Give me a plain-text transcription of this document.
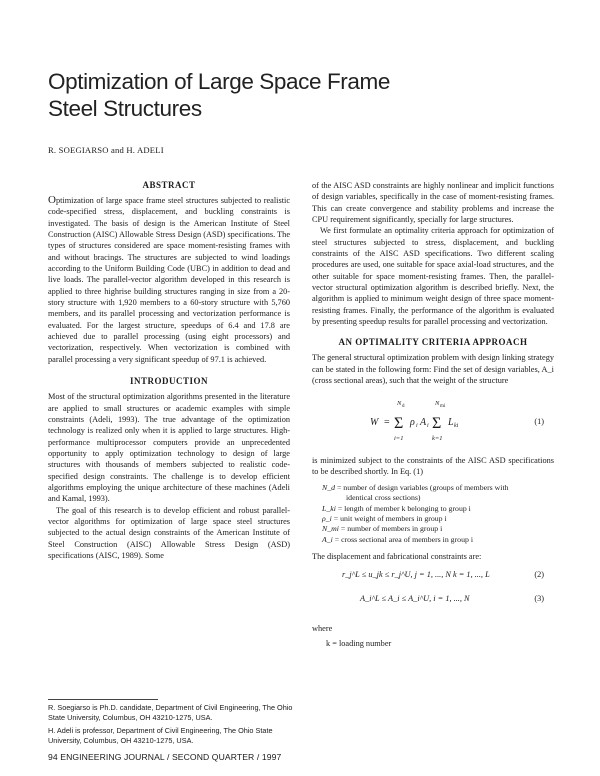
Optimization of Large Space Frame
Steel Structures
R. SOEGIARSO and H. ADELI
ABSTRACT

Optimization of large space frame steel structures subjected to realistic code-specified stress, displacement, and buckling constraints is investigated. The basis of design is the American Institute of Steel Construction (AISC) Allowable Stress Design (ASD) specifications. The types of structures considered are space moment-resisting frames with and without bracings. The structures are subjected to wind loadings according to the Uniform Building Code (UBC) in addition to dead and live loads. The parallel-vector algorithm developed in this research is applied to three highrise building structures ranging in size from a 20-story structure with 1,920 members to a 60-story structure with 5,760 members, and its parallel processing and vectorization performance is evaluated. For the largest structure, speedups of 6.4 and 17.8 are achieved due to parallel processing (using eight processors) and vectorization, respectively. When vectorization is combined with parallel processing a very significant speedup of 97.1 is achieved.

INTRODUCTION

Most of the structural optimization algorithms presented in the literature are applied to small structures or academic examples with simple constraints (Adeli, 1993). The true advantage of the optimization technology is realized only when it is applied to large structures. High-performance multiprocessor computers provide an unprecedented opportunity to apply optimization technology to design of large structures with thousands of members subjected to realistic code-specified design constraints. The challenge is to develop efficient algorithms employing the unique architecture of these machines (Adeli and Kamal, 1993).

The goal of this research is to develop efficient and robust parallel-vector algorithms for optimization of large space steel structures subjected to the actual design constraints of the American Institute of Steel Construction (AISC) Allowable Stress Design (ASD) specifications (AISC, 1989). Some

of the AISC ASD constraints are highly nonlinear and implicit functions of design variables, specifically in the case of moment-resisting frames. This can create convergence and stability problems and increase the CPU requirement significantly, specially for large structures.

We first formulate an optimality criteria approach for optimization of steel structures subjected to stress, displacement, and buckling constraints of the AISC ASD specifications. Two different scaling procedures are used, one suitable for space axial-load structures, and the other suitable for space moment-resisting frames. Then, the parallel-vector structural optimization algorithm is described briefly. Next, the algorithm is applied to minimum weight design of three space moment-resisting frames. Finally, the performance of the algorithm is evaluated by presenting speedup results for parallel processing and vectorization.

AN OPTIMALITY CRITERIA APPROACH

The general structural optimization problem with design linking strategy can be stated in the following form: Find the set of design variables, A_i (cross sectional areas), such that the weight of the structure

W = Σ
N d
i=1
ρ i A i Σ
N mi
k=1
L ki	(1)

is minimized subject to the constraints of the AISC ASD specifications to be described shortly. In Eq. (1)

N_d = number of design variables (groups of members with
identical cross sections)
L_ki = length of member k belonging to group i
ρ_i = unit weight of members in group i
N_mi = number of members in group i
A_i = cross sectional area of members in group i

The displacement and fabricational constraints are:

r_j^L ≤ u_jk ≤ r_j^U, j = 1, ..., N k = 1, ..., L	(2)
A_i^L ≤ A_i ≤ A_i^U, i = 1, ..., N	(3)
where
k = loading number
R. Soegiarso is Ph.D. candidate, Department of Civil Engineering, The Ohio State University, Columbus, OH 43210-1275, USA.
H. Adeli is professor, Department of Civil Engineering, The Ohio State University, Columbus, OH 43210-1275, USA.
94 ENGINEERING JOURNAL / SECOND QUARTER / 1997
